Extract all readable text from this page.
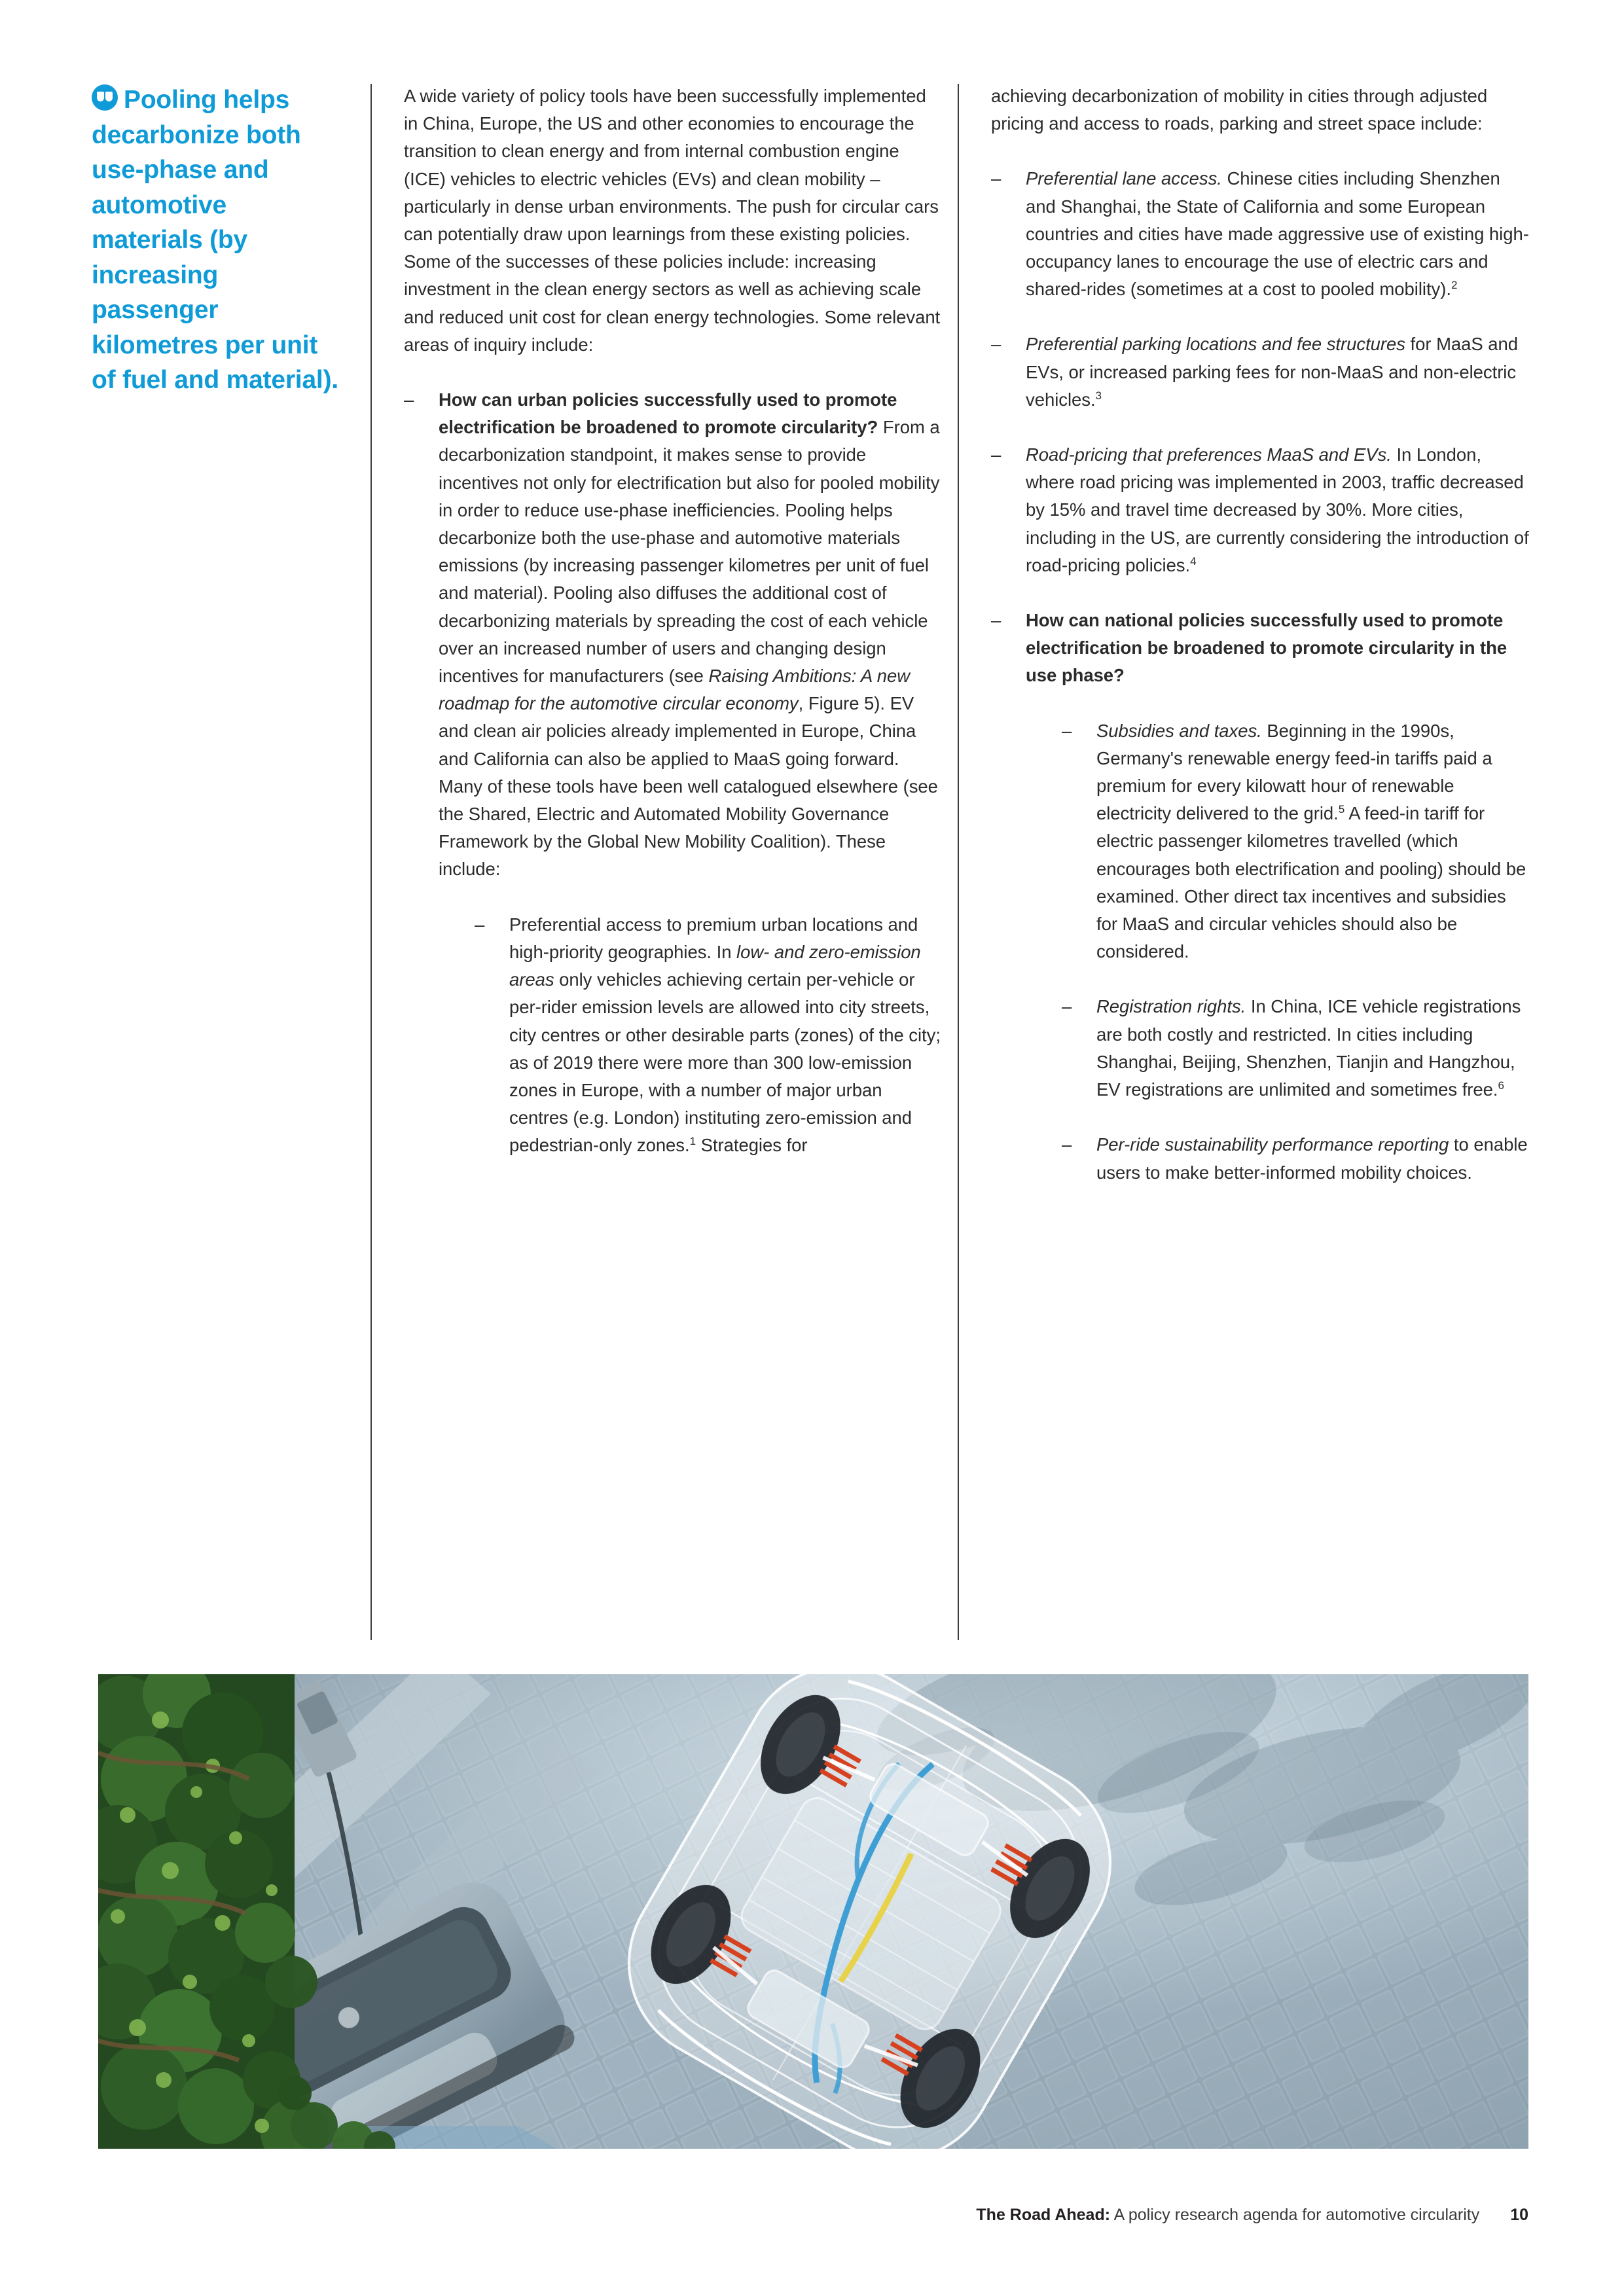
Pooling helps decarbonize both use-phase and automotive materials (by increasing passenger kilometres per unit of fuel and material).

A wide variety of policy tools have been successfully implemented in China, Europe, the US and other economies to encourage the transition to clean energy and from internal combustion engine (ICE) vehicles to electric vehicles (EVs) and clean mobility – particularly in dense urban environments. The push for circular cars can potentially draw upon learnings from these existing policies. Some of the successes of these policies include: increasing investment in the clean energy sectors as well as achieving scale and reduced unit cost for clean energy technologies. Some relevant areas of inquiry include:

– How can urban policies successfully used to promote electrification be broadened to promote circularity? From a decarbonization standpoint, it makes sense to provide incentives not only for electrification but also for pooled mobility in order to reduce use-phase inefficiencies. Pooling helps decarbonize both the use-phase and automotive materials emissions (by increasing passenger kilometres per unit of fuel and material). Pooling also diffuses the additional cost of decarbonizing materials by spreading the cost of each vehicle over an increased number of users and changing design incentives for manufacturers (see Raising Ambitions: A new roadmap for the automotive circular economy, Figure 5). EV and clean air policies already implemented in Europe, China and California can also be applied to MaaS going forward. Many of these tools have been well catalogued elsewhere (see the Shared, Electric and Automated Mobility Governance Framework by the Global New Mobility Coalition). These include:
– Preferential access to premium urban locations and high-priority geographies. In low- and zero-emission areas only vehicles achieving certain per-vehicle or per-rider emission levels are allowed into city streets, city centres or other desirable parts (zones) of the city; as of 2019 there were more than 300 low-emission zones in Europe, with a number of major urban centres (e.g. London) instituting zero-emission and pedestrian-only zones.$^1$ Strategies for

achieving decarbonization of mobility in cities through adjusted pricing and access to roads, parking and street space include:

– Preferential lane access. Chinese cities including Shenzhen and Shanghai, the State of California and some European countries and cities have made aggressive use of existing high-occupancy lanes to encourage the use of electric cars and shared-rides (sometimes at a cost to pooled mobility).$^2$
– Preferential parking locations and fee structures for MaaS and EVs, or increased parking fees for non-MaaS and non-electric vehicles.$^3$
– Road-pricing that preferences MaaS and EVs. In London, where road pricing was implemented in 2003, traffic decreased by 15% and travel time decreased by 30%. More cities, including in the US, are currently considering the introduction of road-pricing policies.$^4$
– How can national policies successfully used to promote electrification be broadened to promote circularity in the use phase?
– Subsidies and taxes. Beginning in the 1990s, Germany's renewable energy feed-in tariffs paid a premium for every kilowatt hour of renewable electricity delivered to the grid.$^5$ A feed-in tariff for electric passenger kilometres travelled (which encourages both electrification and pooling) should be examined. Other direct tax incentives and subsidies for MaaS and circular vehicles should also be considered.
– Registration rights. In China, ICE vehicle registrations are both costly and restricted. In cities including Shanghai, Beijing, Shenzhen, Tianjin and Hangzhou, EV registrations are unlimited and sometimes free.$^6$
– Per-ride sustainability performance reporting to enable users to make better-informed mobility choices.
The Road Ahead: A policy research agenda for automotive circularity 10
